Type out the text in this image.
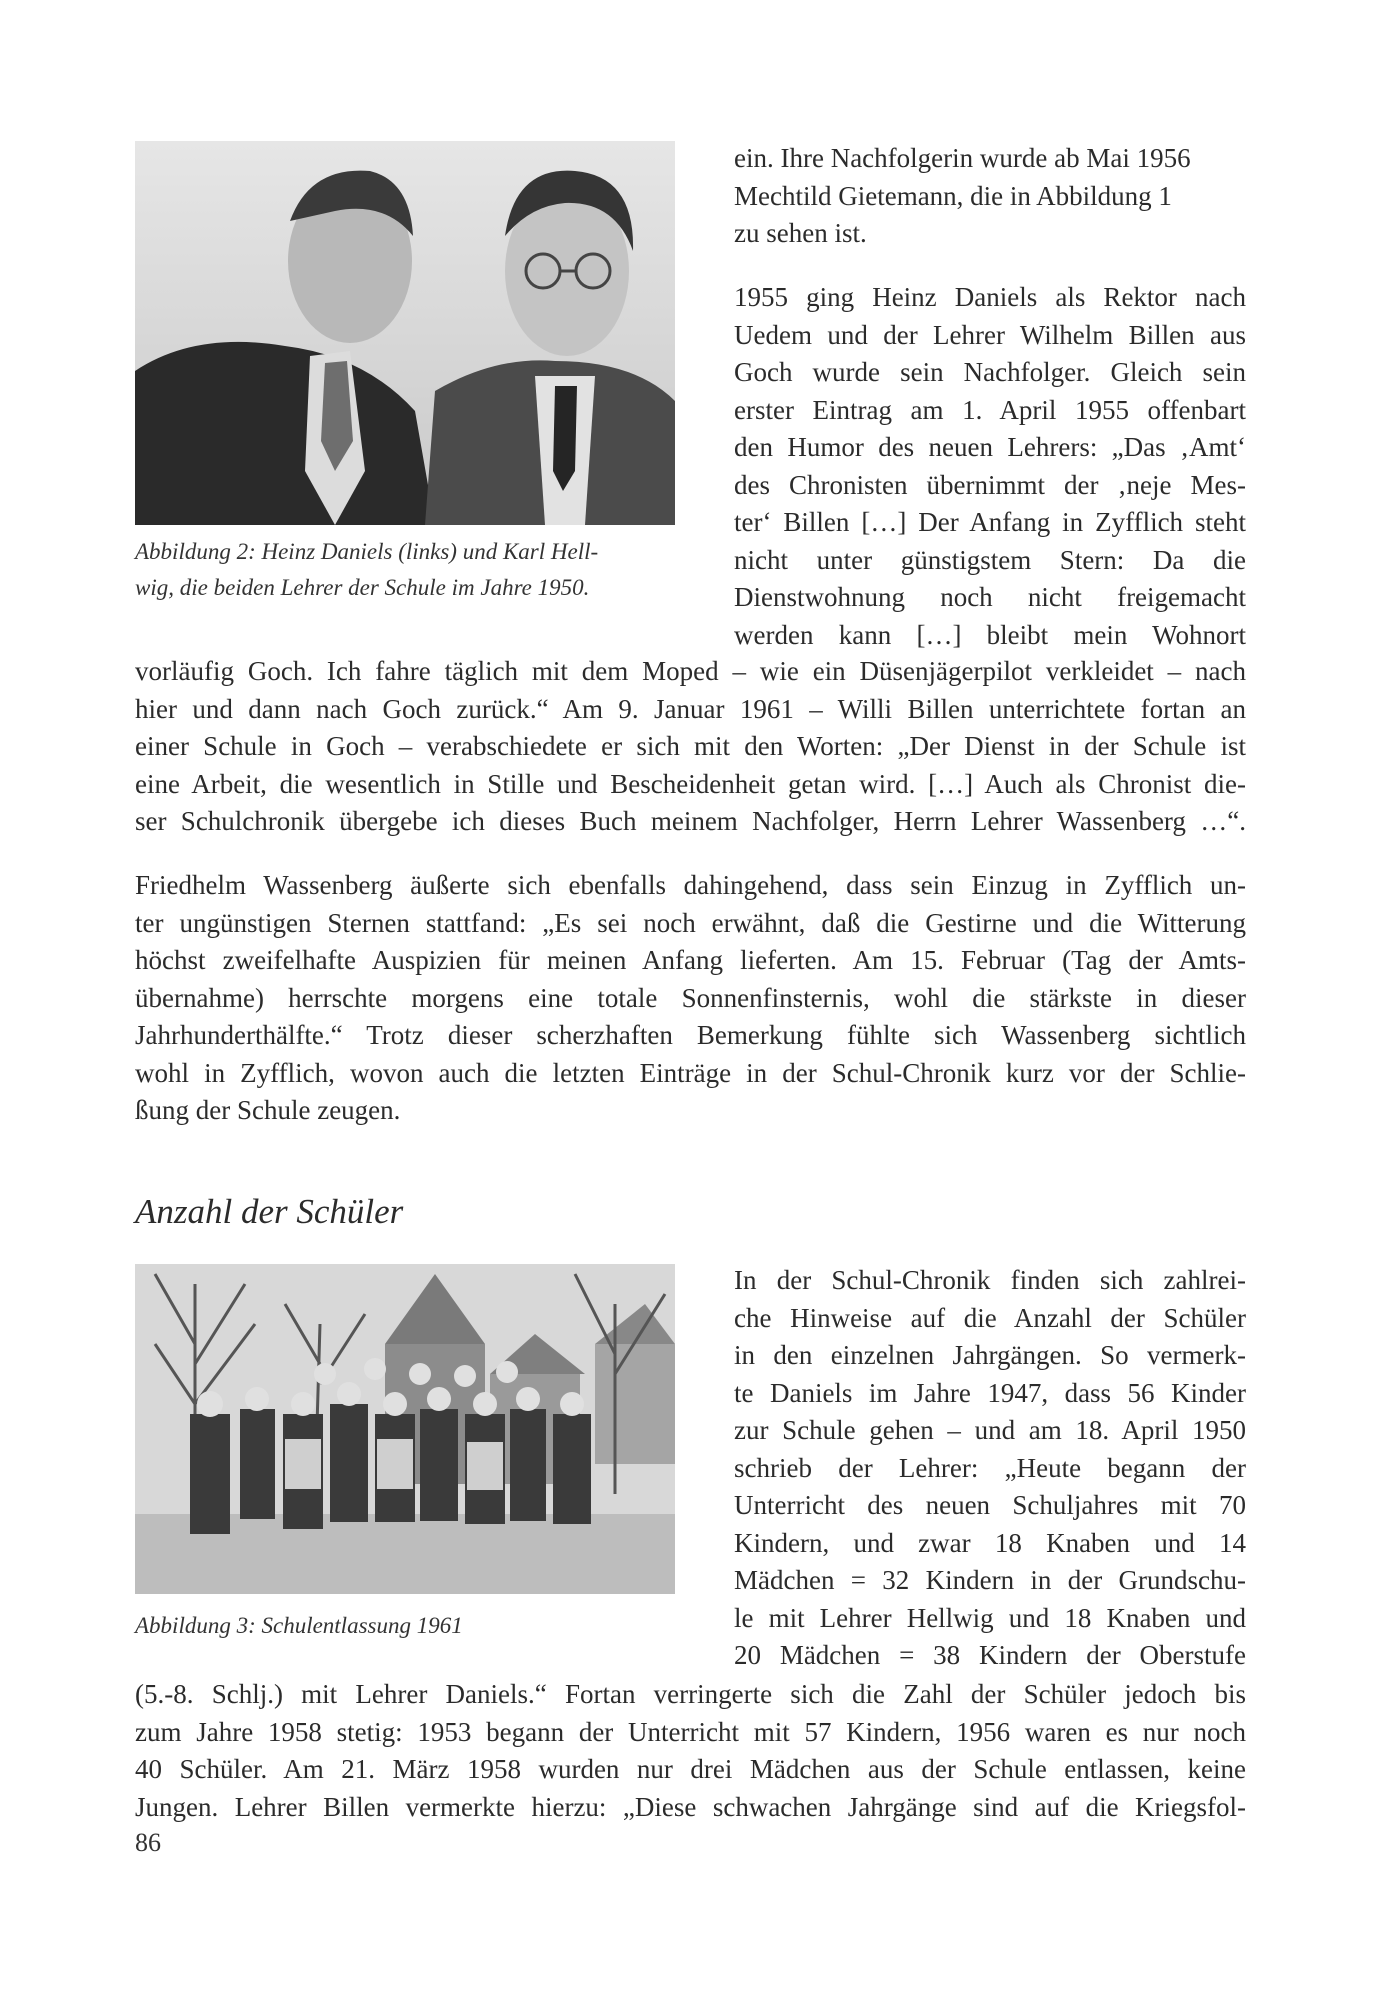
Abbildung 2: Heinz Daniels (links) und Karl Hell-
wig, die beiden Lehrer der Schule im Jahre 1950.
ein. Ihre Nachfolgerin wurde ab Mai 1956
Mechtild Gietemann, die in Abbildung 1
zu sehen ist.
1955 ging Heinz Daniels als Rektor nach
Uedem und der Lehrer Wilhelm Billen aus
Goch wurde sein Nachfolger. Gleich sein
erster Eintrag am 1. April 1955 offenbart
den Humor des neuen Lehrers: „Das ‚Amt‘
des Chronisten übernimmt der ‚neje Mes-
ter‘ Billen […] Der Anfang in Zyfflich steht
nicht unter günstigstem Stern: Da die
Dienstwohnung noch nicht freigemacht
werden kann […] bleibt mein Wohnort
vorläufig Goch. Ich fahre täglich mit dem Moped – wie ein Düsenjägerpilot verkleidet – nach
hier und dann nach Goch zurück.“ Am 9. Januar 1961 – Willi Billen unterrichtete fortan an
einer Schule in Goch – verabschiedete er sich mit den Worten: „Der Dienst in der Schule ist
eine Arbeit, die wesentlich in Stille und Bescheidenheit getan wird. […] Auch als Chronist die-
ser Schulchronik übergebe ich dieses Buch meinem Nachfolger, Herrn Lehrer Wassenberg …“.
Friedhelm Wassenberg äußerte sich ebenfalls dahingehend, dass sein Einzug in Zyfflich un-
ter ungünstigen Sternen stattfand: „Es sei noch erwähnt, daß die Gestirne und die Witterung
höchst zweifelhafte Auspizien für meinen Anfang lieferten. Am 15. Februar (Tag der Amts-
übernahme) herrschte morgens eine totale Sonnenfinsternis, wohl die stärkste in dieser
Jahrhunderthälfte.“ Trotz dieser scherzhaften Bemerkung fühlte sich Wassenberg sichtlich
wohl in Zyfflich, wovon auch die letzten Einträge in der Schul-Chronik kurz vor der Schlie-
ßung der Schule zeugen.
Anzahl der Schüler
Abbildung 3: Schulentlassung 1961
In der Schul-Chronik finden sich zahlrei-
che Hinweise auf die Anzahl der Schüler
in den einzelnen Jahrgängen. So vermerk-
te Daniels im Jahre 1947, dass 56 Kinder
zur Schule gehen – und am 18. April 1950
schrieb der Lehrer: „Heute begann der
Unterricht des neuen Schuljahres mit 70
Kindern, und zwar 18 Knaben und 14
Mädchen = 32 Kindern in der Grundschu-
le mit Lehrer Hellwig und 18 Knaben und
20 Mädchen = 38 Kindern der Oberstufe
(5.-8. Schlj.) mit Lehrer Daniels.“ Fortan verringerte sich die Zahl der Schüler jedoch bis
zum Jahre 1958 stetig: 1953 begann der Unterricht mit 57 Kindern, 1956 waren es nur noch
40 Schüler. Am 21. März 1958 wurden nur drei Mädchen aus der Schule entlassen, keine
Jungen. Lehrer Billen vermerkte hierzu: „Diese schwachen Jahrgänge sind auf die Kriegsfol-
86
